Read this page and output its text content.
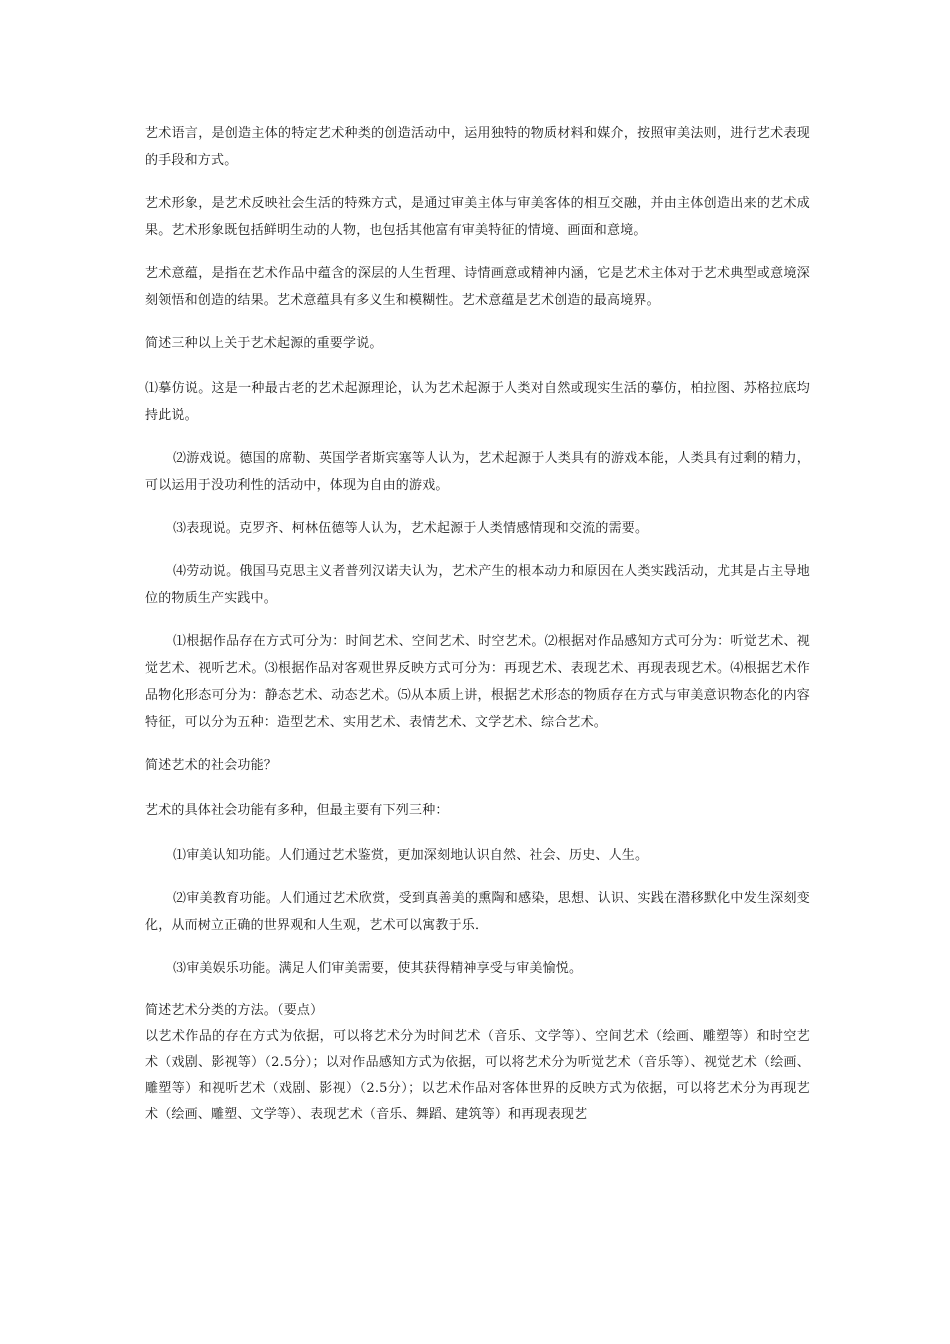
艺术语言，是创造主体的特定艺术种类的创造活动中，运用独特的物质材料和媒介，按照审美法则，进行艺术表现的手段和方式。

艺术形象，是艺术反映社会生活的特殊方式，是通过审美主体与审美客体的相互交融，并由主体创造出来的艺术成果。艺术形象既包括鲜明生动的人物，也包括其他富有审美特征的情境、画面和意境。

艺术意蕴，是指在艺术作品中蕴含的深层的人生哲理、诗情画意或精神内涵，它是艺术主体对于艺术典型或意境深刻领悟和创造的结果。艺术意蕴具有多义生和模糊性。艺术意蕴是艺术创造的最高境界。

简述三种以上关于艺术起源的重要学说。

⑴摹仿说。这是一种最古老的艺术起源理论，认为艺术起源于人类对自然或现实生活的摹仿，柏拉图、苏格拉底均持此说。

⑵游戏说。德国的席勒、英国学者斯宾塞等人认为，艺术起源于人类具有的游戏本能，人类具有过剩的精力，可以运用于没功利性的活动中，体现为自由的游戏。

⑶表现说。克罗齐、柯林伍德等人认为，艺术起源于人类情感情现和交流的需要。

⑷劳动说。俄国马克思主义者普列汉诺夫认为，艺术产生的根本动力和原因在人类实践活动，尤其是占主导地位的物质生产实践中。

⑴根据作品存在方式可分为：时间艺术、空间艺术、时空艺术。⑵根据对作品感知方式可分为：听觉艺术、视觉艺术、视听艺术。⑶根据作品对客观世界反映方式可分为：再现艺术、表现艺术、再现表现艺术。⑷根据艺术作品物化形态可分为：静态艺术、动态艺术。⑸从本质上讲，根据艺术形态的物质存在方式与审美意识物态化的内容特征，可以分为五种：造型艺术、实用艺术、表情艺术、文学艺术、综合艺术。

简述艺术的社会功能？

艺术的具体社会功能有多种，但最主要有下列三种：

⑴审美认知功能。人们通过艺术鉴赏，更加深刻地认识自然、社会、历史、人生。

⑵审美教育功能。人们通过艺术欣赏，受到真善美的熏陶和感染，思想、认识、实践在潜移默化中发生深刻变化，从而树立正确的世界观和人生观，艺术可以寓教于乐．

⑶审美娱乐功能。满足人们审美需要，使其获得精神享受与审美愉悦。

简述艺术分类的方法。（要点）

以艺术作品的存在方式为依据，可以将艺术分为时间艺术（音乐、文学等）、空间艺术（绘画、雕塑等）和时空艺术（戏剧、影视等）（2.5分）；以对作品感知方式为依据，可以将艺术分为听觉艺术（音乐等）、视觉艺术（绘画、雕塑等）和视听艺术（戏剧、影视）（2.5分）；以艺术作品对客体世界的反映方式为依据，可以将艺术分为再现艺术（绘画、雕塑、文学等）、表现艺术（音乐、舞蹈、建筑等）和再现表现艺
